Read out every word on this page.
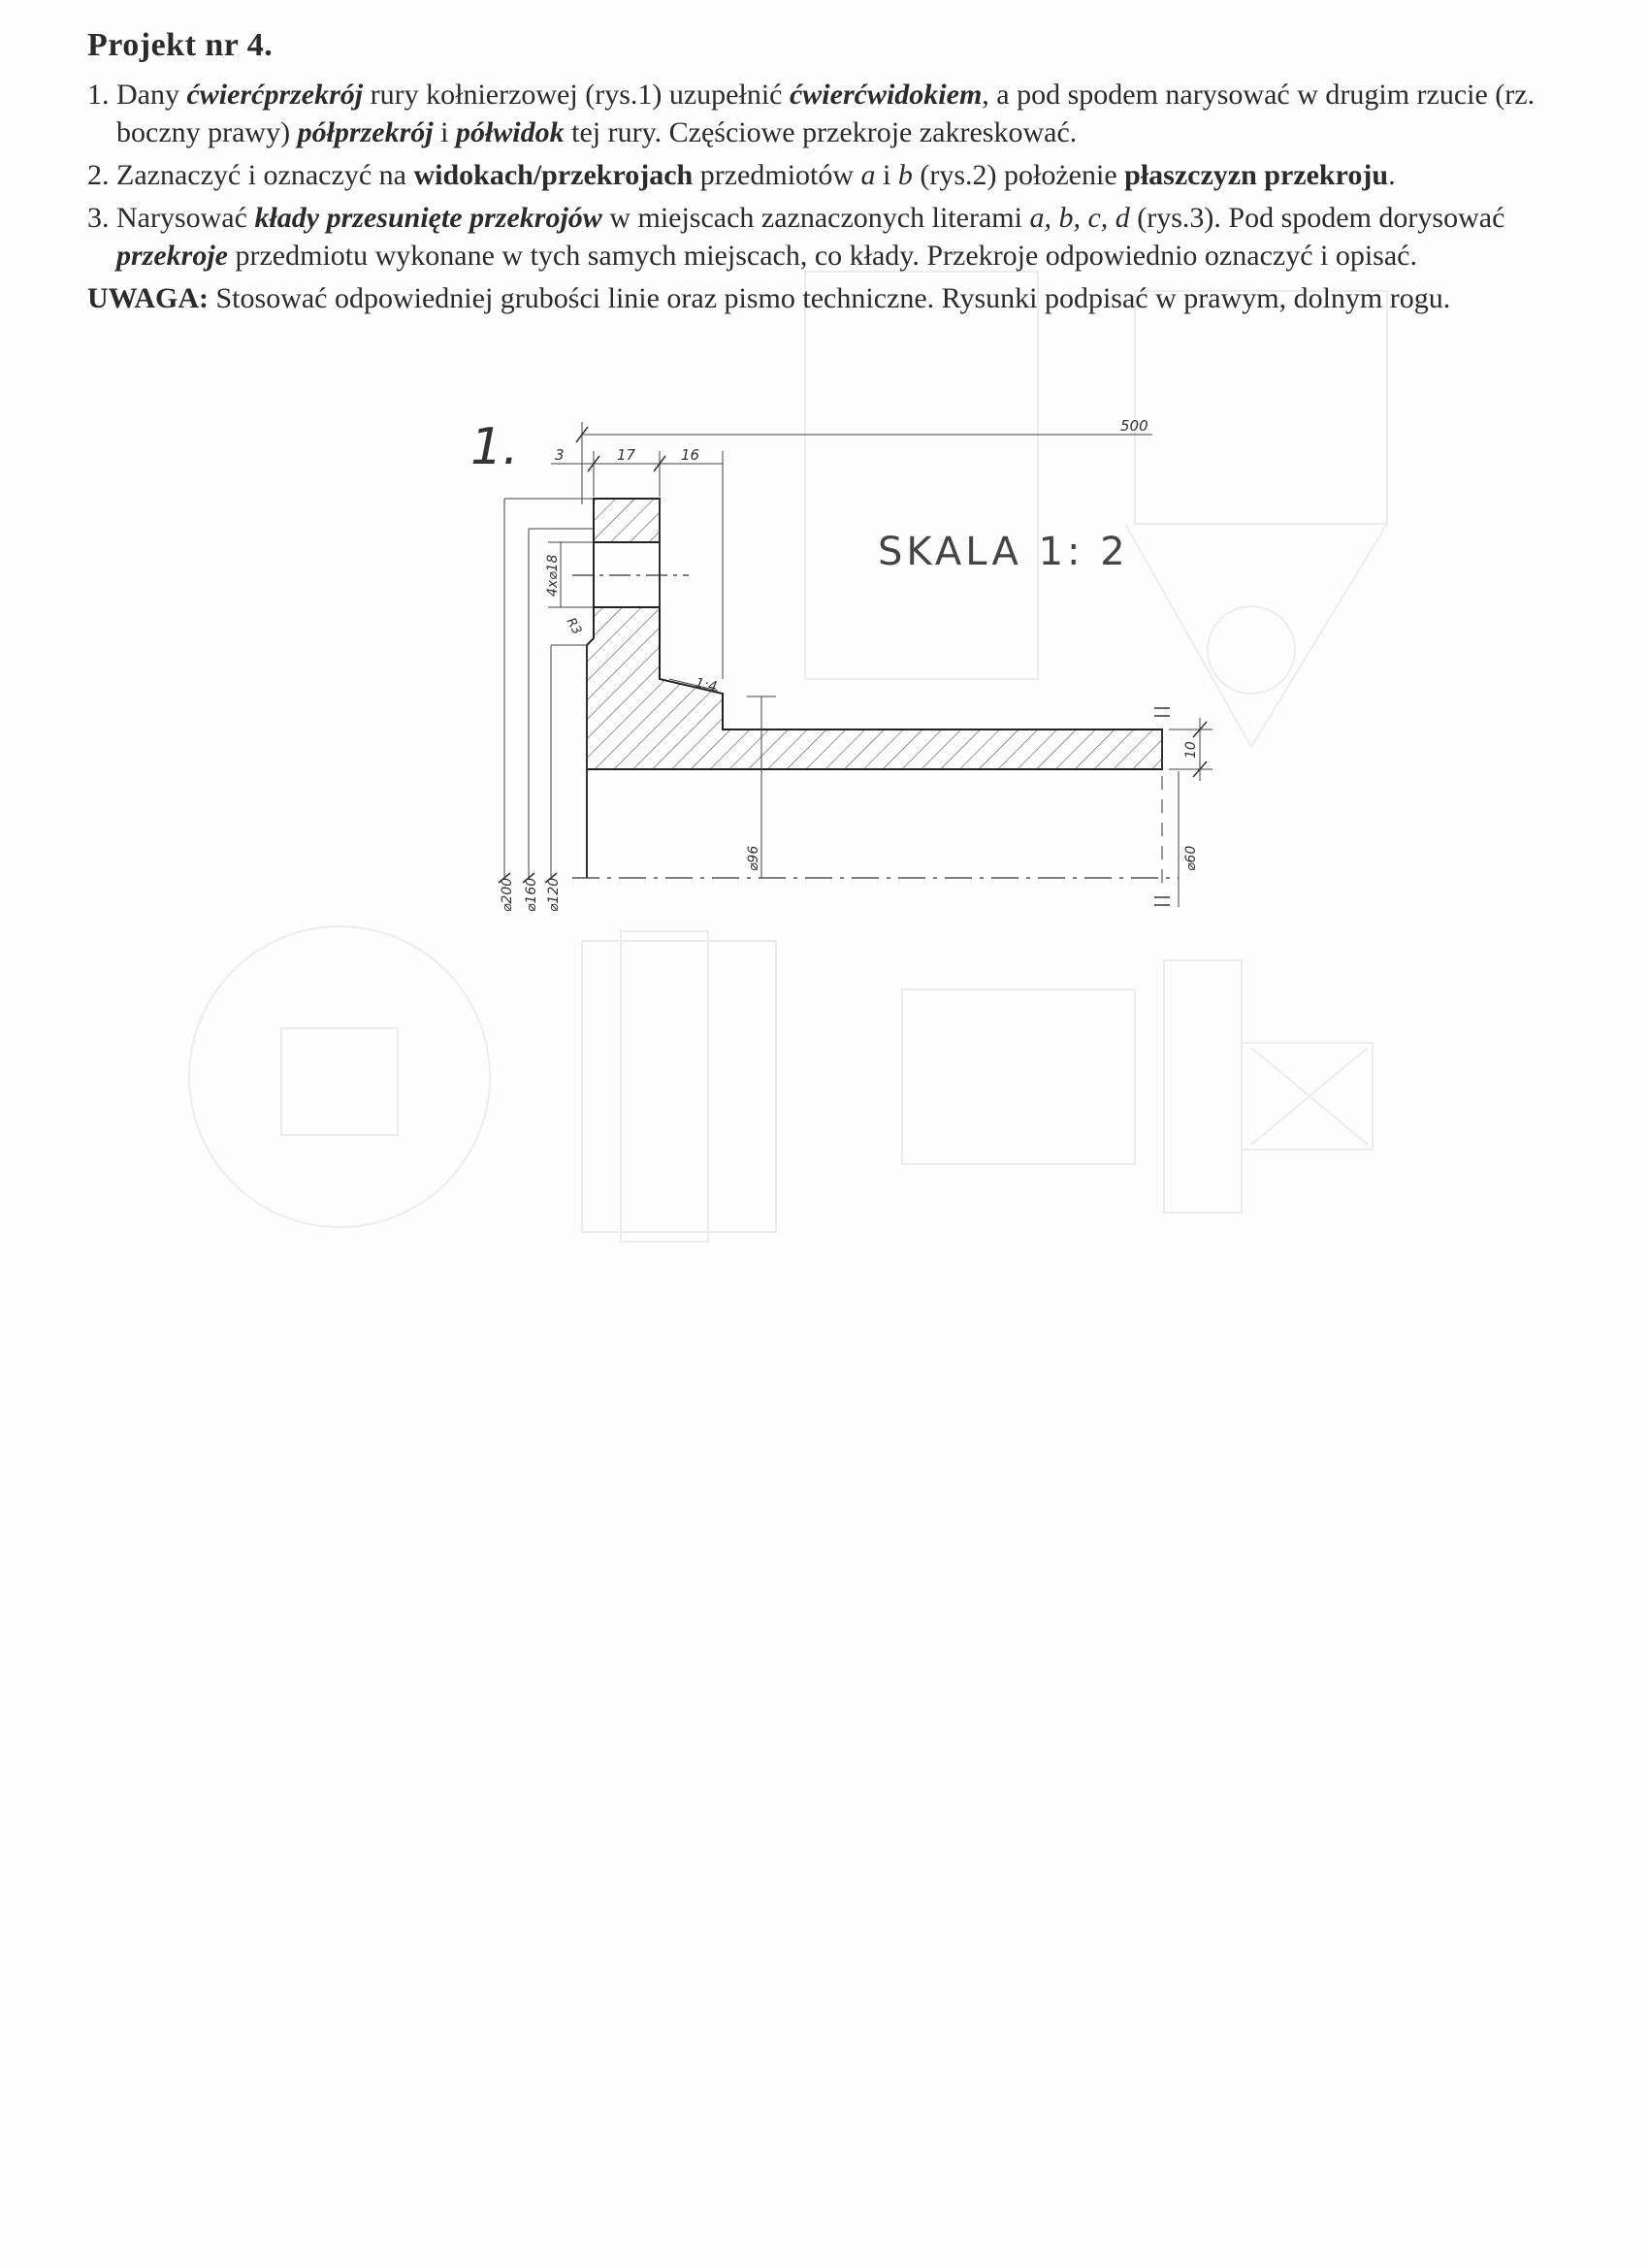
Projekt nr 4.
1. Dany ćwierćprzekrój rury kołnierzowej (rys.1) uzupełnić ćwierćwidokiem, a pod spodem narysować w drugim rzucie (rz. boczny prawy) półprzekrój i półwidok tej rury. Częściowe przekroje zakreskować.
2. Zaznaczyć i oznaczyć na widokach/przekrojach przedmiotów a i b (rys.2) położenie płaszczyzn przekroju.
3. Narysować kłady przesunięte przekrojów w miejscach zaznaczonych literami a, b, c, d (rys.3). Pod spodem dorysować przekroje przedmiotu wykonane w tych samych miejscach, co kłady. Przekroje odpowiednio oznaczyć i opisać.
UWAGA: Stosować odpowiedniej grubości linie oraz pismo techniczne. Rysunki podpisać w prawym, dolnym rogu.
1.
SKALA 1: 2
500
3	17	16
4x⌀18
R3
1:4
10
⌀200 ⌀160 ⌀120
⌀96	⌀60
